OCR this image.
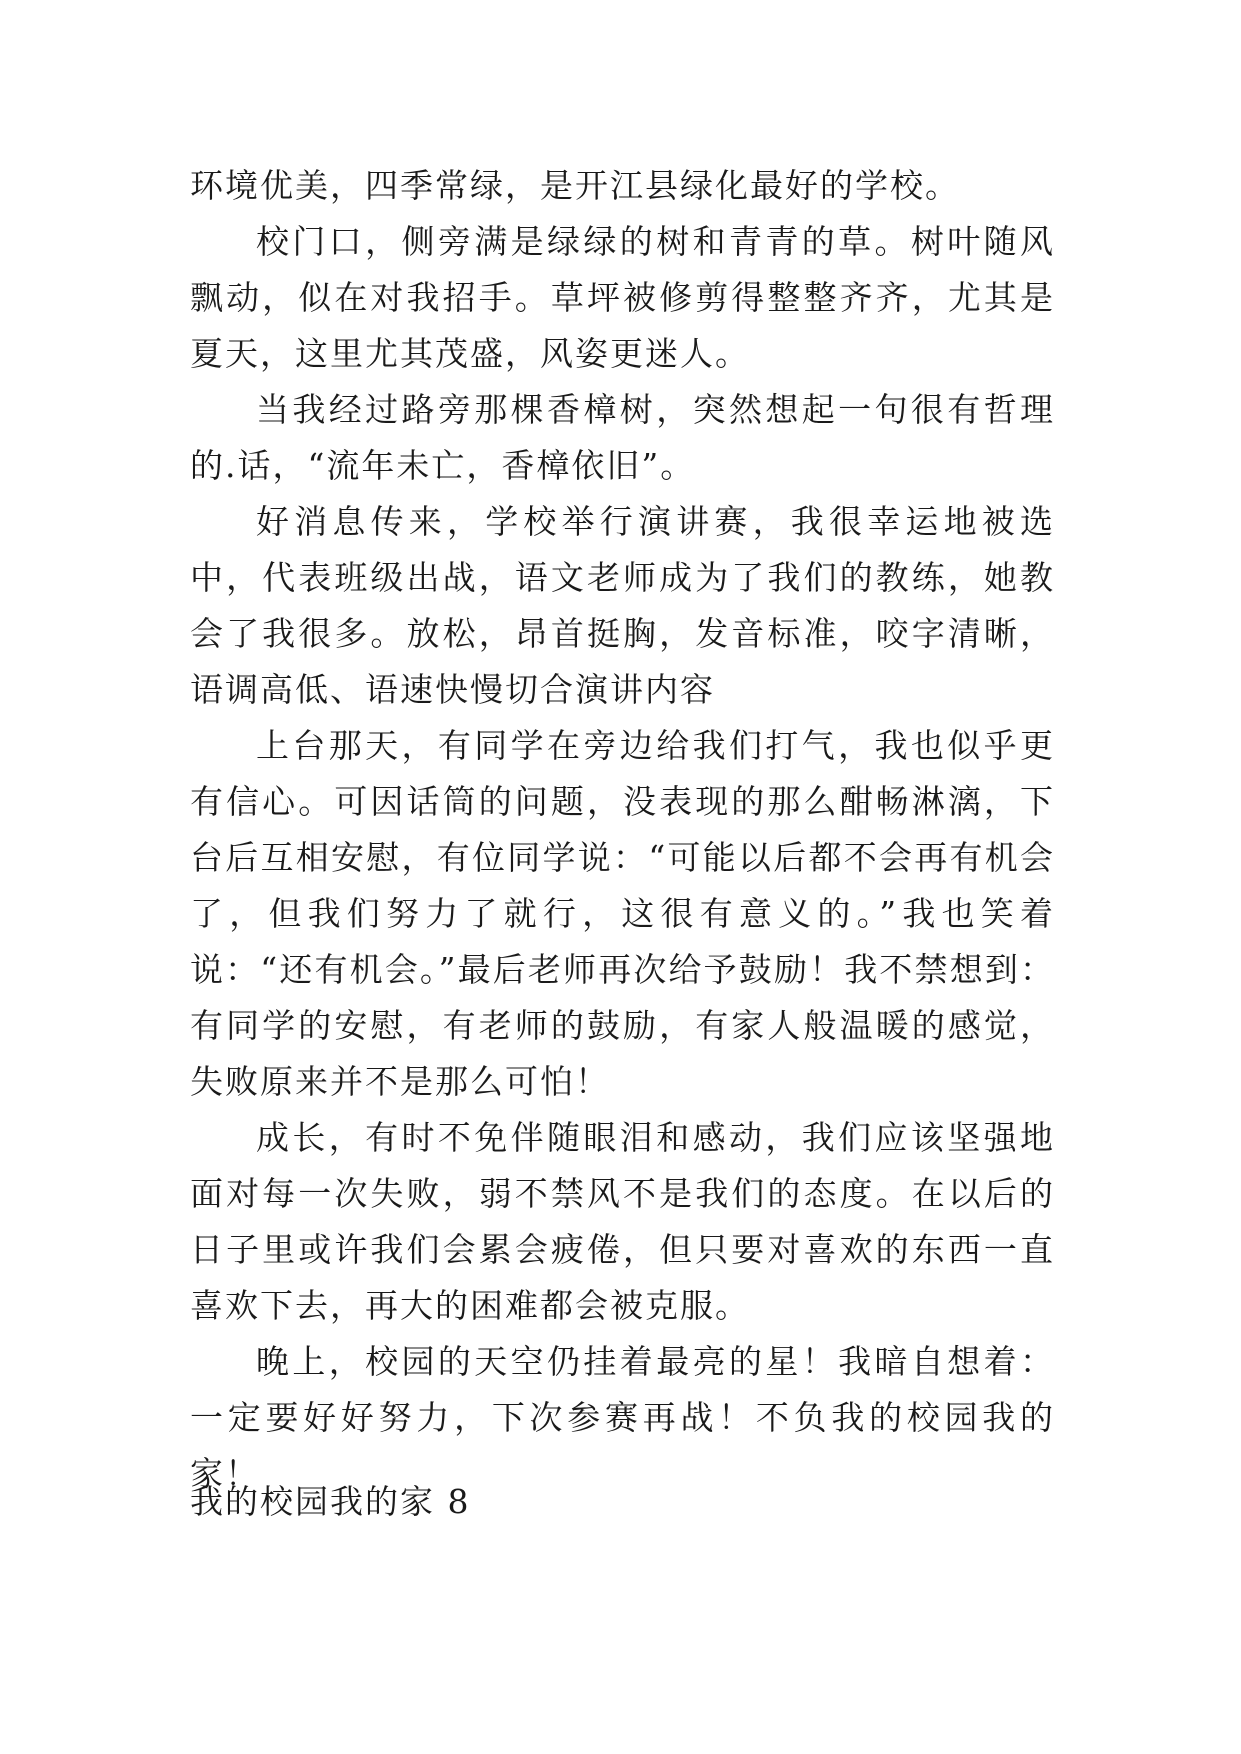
环境优美，四季常绿，是开江县绿化最好的学校。

校门口，侧旁满是绿绿的树和青青的草。树叶随风飘动，似在对我招手。草坪被修剪得整整齐齐，尤其是夏天，这里尤其茂盛，风姿更迷人。

当我经过路旁那棵香樟树，突然想起一句很有哲理的.话，“流年未亡，香樟依旧”。

好消息传来，学校举行演讲赛，我很幸运地被选中，代表班级出战，语文老师成为了我们的教练，她教会了我很多。放松，昂首挺胸，发音标准，咬字清晰，语调高低、语速快慢切合演讲内容

上台那天，有同学在旁边给我们打气，我也似乎更有信心。可因话筒的问题，没表现的那么酣畅淋漓，下台后互相安慰，有位同学说：“可能以后都不会再有机会了，但我们努力了就行，这很有意义的。”我也笑着说：“还有机会。”最后老师再次给予鼓励！我不禁想到：有同学的安慰，有老师的鼓励，有家人般温暖的感觉，失败原来并不是那么可怕！

成长，有时不免伴随眼泪和感动，我们应该坚强地面对每一次失败，弱不禁风不是我们的态度。在以后的日子里或许我们会累会疲倦，但只要对喜欢的东西一直喜欢下去，再大的困难都会被克服。

晚上，校园的天空仍挂着最亮的星！我暗自想着：一定要好好努力，下次参赛再战！不负我的校园我的家！

我的校园我的家 8
